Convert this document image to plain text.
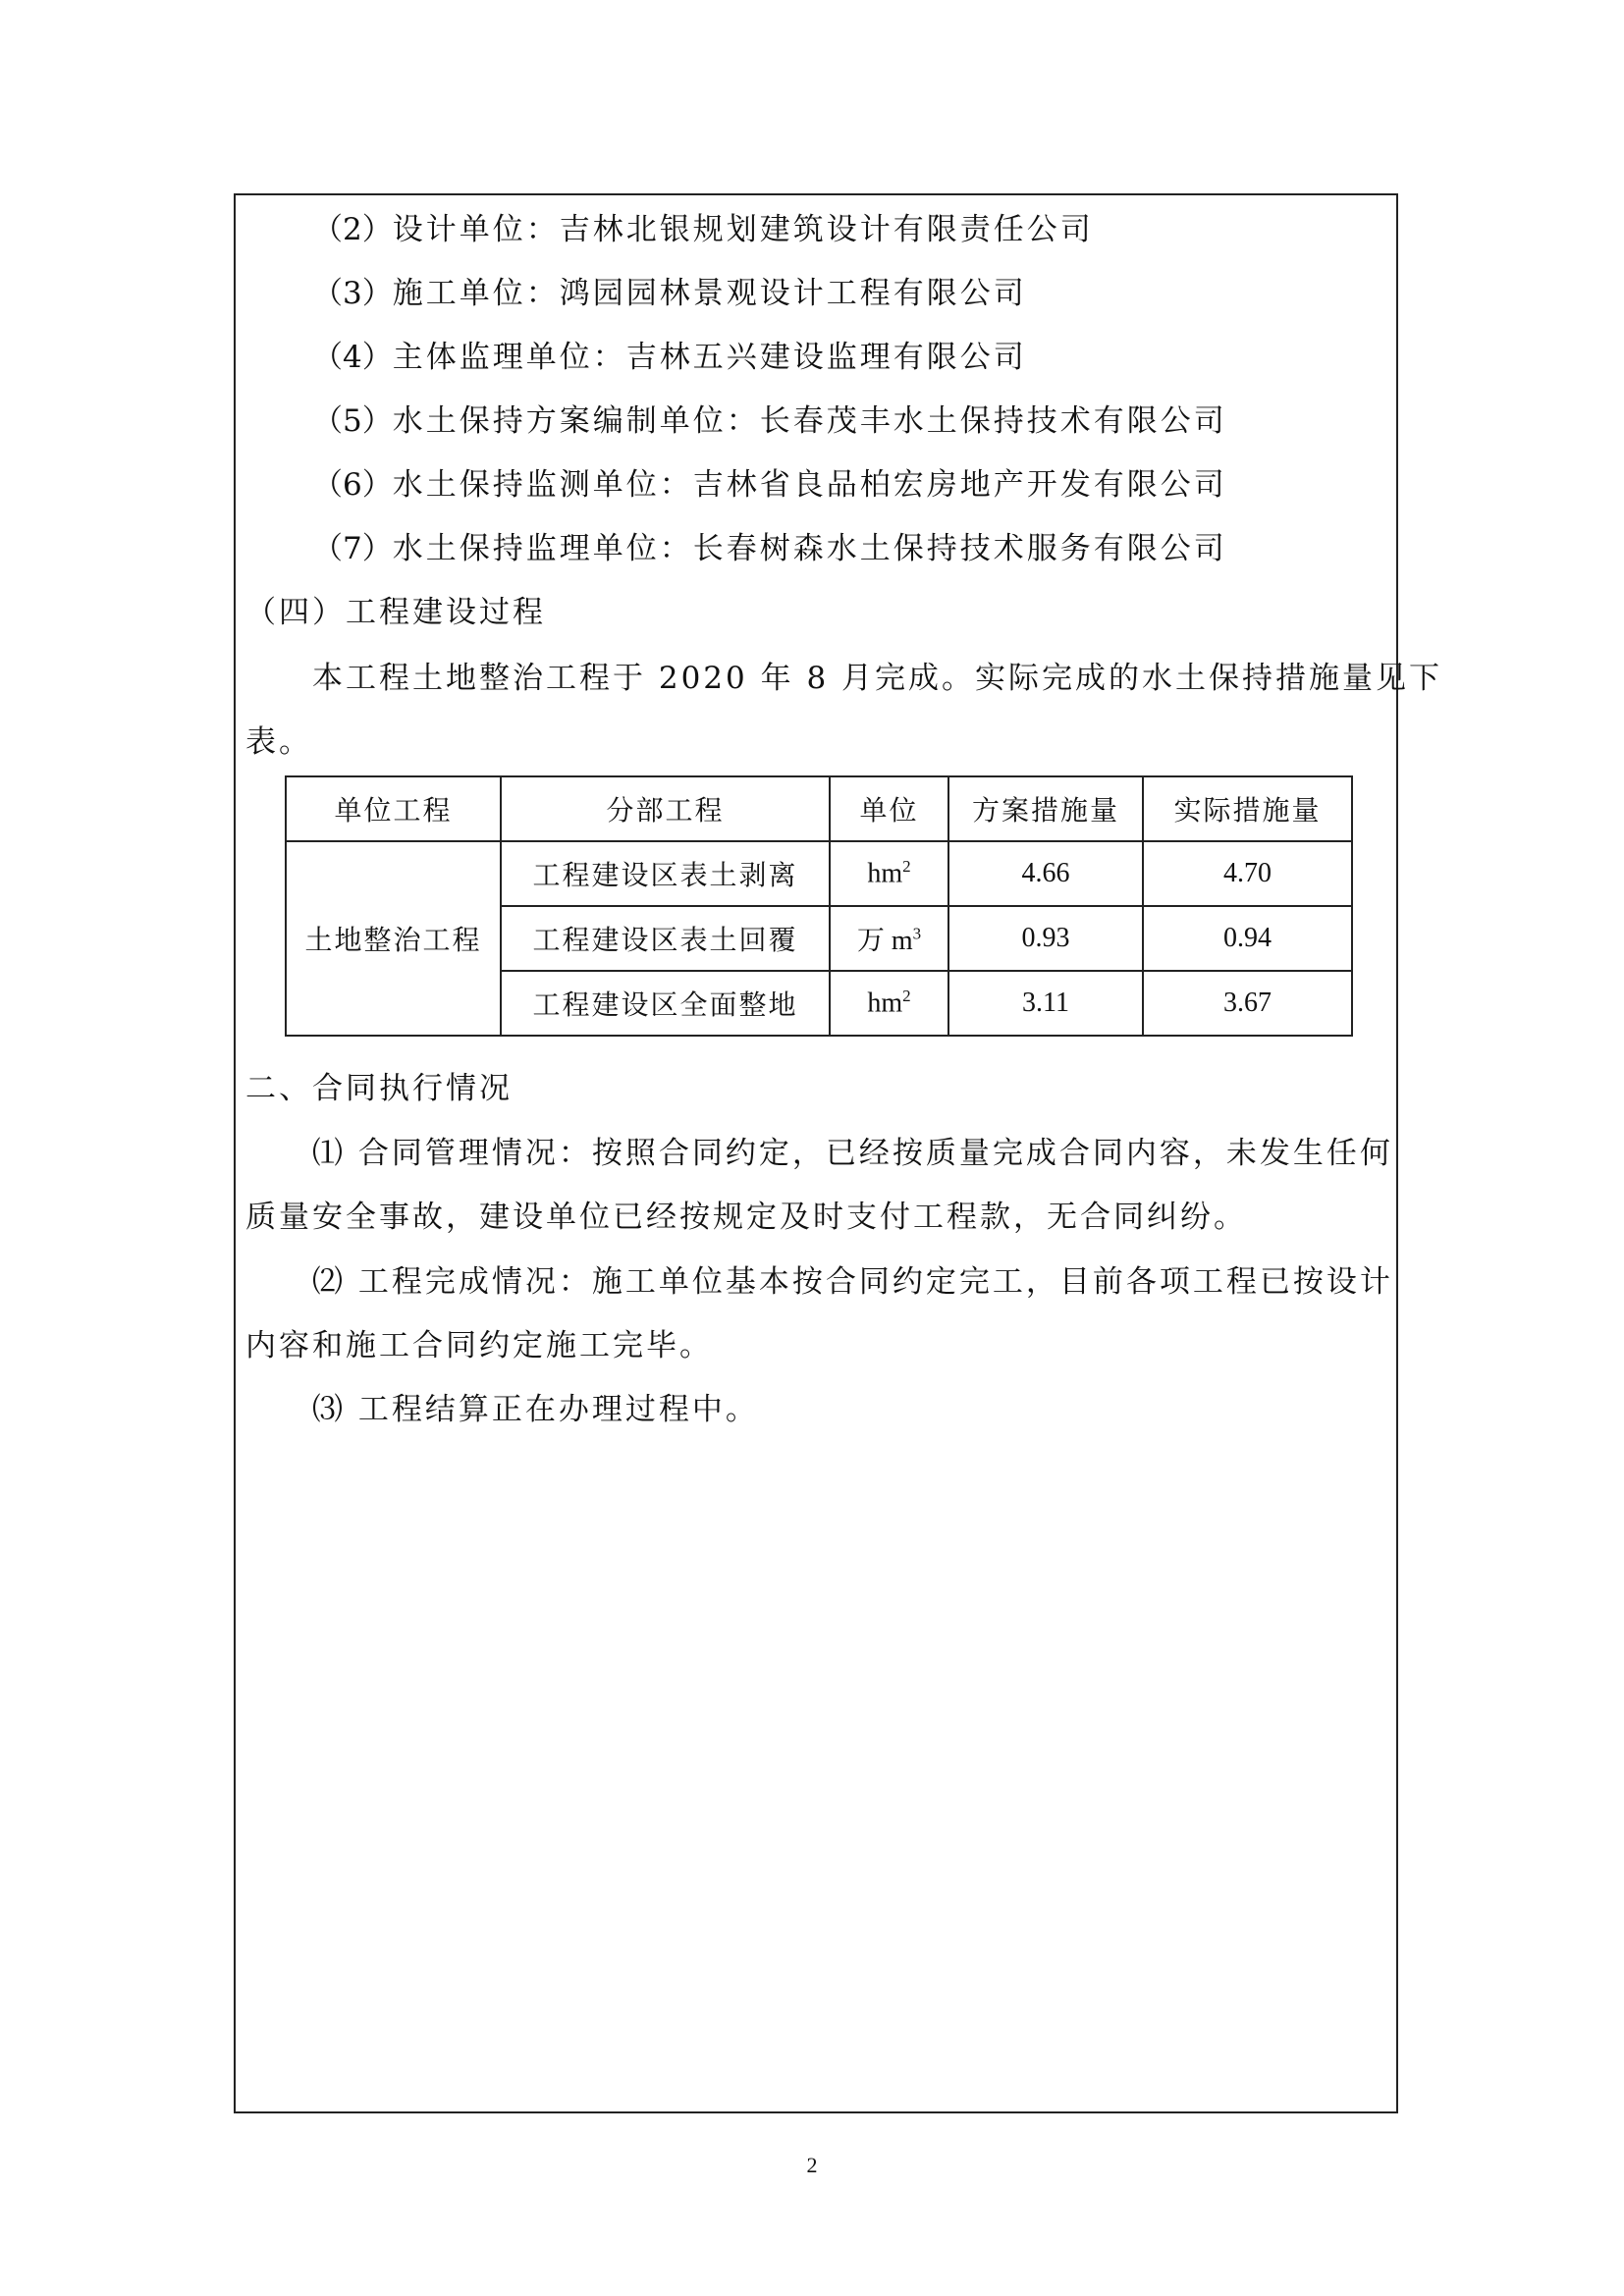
（2）设计单位：吉林北银规划建筑设计有限责任公司
（3）施工单位：鸿园园林景观设计工程有限公司
（4）主体监理单位：吉林五兴建设监理有限公司
（5）水土保持方案编制单位：长春茂丰水土保持技术有限公司
（6）水土保持监测单位：吉林省良品柏宏房地产开发有限公司
（7）水土保持监理单位：长春树森水土保持技术服务有限公司
（四）工程建设过程
本工程土地整治工程于 2020 年 8 月完成。实际完成的水土保持措施量见下
表。
单位工程	分部工程	单位	方案措施量	实际措施量
土地整治工程	工程建设区表土剥离	$hm^2$	4.66	4.70
	工程建设区表土回覆	万 $m^3$	0.93	0.94
	工程建设区全面整地	$hm^2$	3.11	3.67
二、合同执行情况
⑴ 合同管理情况：按照合同约定，已经按质量完成合同内容，未发生任何
质量安全事故，建设单位已经按规定及时支付工程款，无合同纠纷。
⑵ 工程完成情况：施工单位基本按合同约定完工，目前各项工程已按设计
内容和施工合同约定施工完毕。
⑶ 工程结算正在办理过程中。
2
